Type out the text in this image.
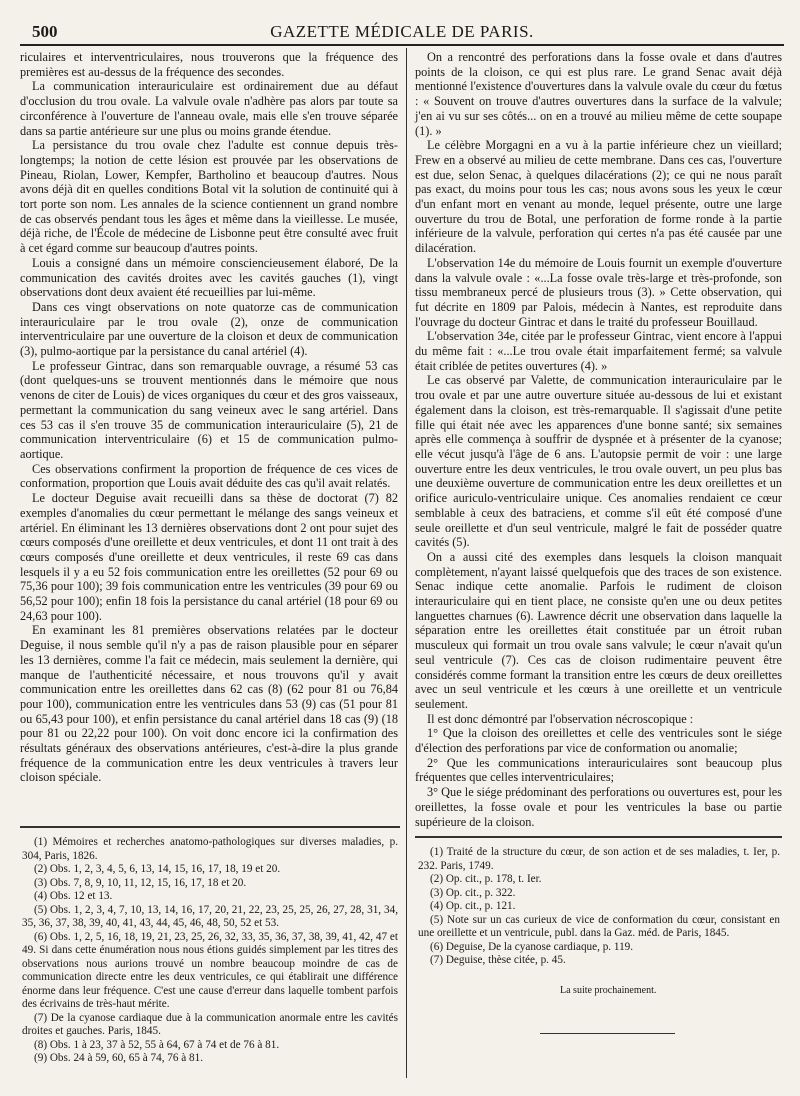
500	GAZETTE MÉDICALE DE PARIS.

riculaires et interventriculaires, nous trouverons que la fréquence des premières est au-dessus de la fréquence des secondes.

La communication interauriculaire est ordinairement due au défaut d'occlusion du trou ovale. La valvule ovale n'adhère pas alors par toute sa circonférence à l'ouverture de l'anneau ovale, mais elle s'en trouve séparée dans sa partie antérieure sur une plus ou moins grande étendue.

La persistance du trou ovale chez l'adulte est connue depuis très-longtemps; la notion de cette lésion est prouvée par les observations de Pineau, Riolan, Lower, Kempfer, Bartholino et beaucoup d'autres. Nous avons déjà dit en quelles conditions Botal vit la solution de continuité qui à tort porte son nom. Les annales de la science contiennent un grand nombre de cas observés pendant tous les âges et même dans la vieillesse. Le musée, déjà riche, de l'École de médecine de Lisbonne peut être consulté avec fruit à cet égard comme sur beaucoup d'autres points.

Louis a consigné dans un mémoire consciencieusement élaboré, De la communication des cavités droites avec les cavités gauches (1), vingt observations dont deux avaient été recueillies par lui-même.

Dans ces vingt observations on note quatorze cas de communication interauriculaire par le trou ovale (2), onze de communication interventriculaire par une ouverture de la cloison et deux de communication (3), pulmo-aortique par la persistance du canal artériel (4).

Le professeur Gintrac, dans son remarquable ouvrage, a résumé 53 cas (dont quelques-uns se trouvent mentionnés dans le mémoire que nous venons de citer de Louis) de vices organiques du cœur et des gros vaisseaux, permettant la communication du sang veineux avec le sang artériel. Dans ces 53 cas il s'en trouve 35 de communication interauriculaire (5), 21 de communication interventriculaire (6) et 15 de communication pulmo-aortique.

Ces observations confirment la proportion de fréquence de ces vices de conformation, proportion que Louis avait déduite des cas qu'il avait relatés.

Le docteur Deguise avait recueilli dans sa thèse de doctorat (7) 82 exemples d'anomalies du cœur permettant le mélange des sangs veineux et artériel. En éliminant les 13 dernières observations dont 2 ont pour sujet des cœurs composés d'une oreillette et deux ventricules, et dont 11 ont trait à des cœurs composés d'une oreillette et deux ventricules, il reste 69 cas dans lesquels il y a eu 52 fois communication entre les oreillettes (52 pour 69 ou 75,36 pour 100); 39 fois communication entre les ventricules (39 pour 69 ou 56,52 pour 100); enfin 18 fois la persistance du canal artériel (18 pour 69 ou 24,63 pour 100).

En examinant les 81 premières observations relatées par le docteur Deguise, il nous semble qu'il n'y a pas de raison plausible pour en séparer les 13 dernières, comme l'a fait ce médecin, mais seulement la dernière, qui manque de l'authenticité nécessaire, et nous trouvons qu'il y avait communication entre les oreillettes dans 62 cas (8) (62 pour 81 ou 76,84 pour 100), communication entre les ventricules dans 53 (9) cas (51 pour 81 ou 65,43 pour 100), et enfin persistance du canal artériel dans 18 cas (9) (18 pour 81 ou 22,22 pour 100). On voit donc encore ici la confirmation des résultats généraux des observations antérieures, c'est-à-dire la plus grande fréquence de la communication entre les deux ventricules à travers leur cloison spéciale.

On a rencontré des perforations dans la fosse ovale et dans d'autres points de la cloison, ce qui est plus rare. Le grand Senac avait déjà mentionné l'existence d'ouvertures dans la valvule ovale du cœur du fœtus : « Souvent on trouve d'autres ouvertures dans la surface de la valvule; j'en ai vu sur ses côtés... on en a trouvé au milieu même de cette soupape (1). »

Le célèbre Morgagni en a vu à la partie inférieure chez un vieillard; Frew en a observé au milieu de cette membrane. Dans ces cas, l'ouverture est due, selon Senac, à quelques dilacérations (2); ce qui ne nous paraît pas exact, du moins pour tous les cas; nous avons sous les yeux le cœur d'un enfant mort en venant au monde, lequel présente, outre une large ouverture du trou de Botal, une perforation de forme ronde à la partie inférieure de la valvule, perforation qui certes n'a pas été causée par une dilacération.

L'observation 14e du mémoire de Louis fournit un exemple d'ouverture dans la valvule ovale : «...La fosse ovale très-large et très-profonde, son tissu membraneux percé de plusieurs trous (3). » Cette observation, qui fut décrite en 1809 par Palois, médecin à Nantes, est reproduite dans l'ouvrage du docteur Gintrac et dans le traité du professeur Bouillaud.

L'observation 34e, citée par le professeur Gintrac, vient encore à l'appui du même fait : «...Le trou ovale était imparfaitement fermé; sa valvule était criblée de petites ouvertures (4). »

Le cas observé par Valette, de communication interauriculaire par le trou ovale et par une autre ouverture située au-dessous de lui et existant également dans la cloison, est très-remarquable. Il s'agissait d'une petite fille qui était née avec les apparences d'une bonne santé; six semaines après elle commença à souffrir de dyspnée et à présenter de la cyanose; elle vécut jusqu'à l'âge de 6 ans. L'autopsie permit de voir : une large ouverture entre les deux ventricules, le trou ovale ouvert, un peu plus bas une deuxième ouverture de communication entre les deux oreillettes et un orifice auriculo-ventriculaire unique. Ces anomalies rendaient ce cœur semblable à ceux des batraciens, et comme s'il eût été composé d'une seule oreillette et d'un seul ventricule, malgré le fait de posséder quatre cavités (5).

On a aussi cité des exemples dans lesquels la cloison manquait complètement, n'ayant laissé quelquefois que des traces de son existence. Senac indique cette anomalie. Parfois le rudiment de cloison interauriculaire qui en tient place, ne consiste qu'en une ou deux petites languettes charnues (6). Lawrence décrit une observation dans laquelle la séparation entre les oreillettes était constituée par un étroit ruban musculeux qui formait un trou ovale sans valvule; le cœur n'avait qu'un seul ventricule (7). Ces cas de cloison rudimentaire peuvent être considérés comme formant la transition entre les cœurs de deux oreillettes avec un seul ventricule et les cœurs à une oreillette et un ventricule seulement.

Il est donc démontré par l'observation nécroscopique :

1° Que la cloison des oreillettes et celle des ventricules sont le siége d'élection des perforations par vice de conformation ou anomalie;

2° Que les communications interauriculaires sont beaucoup plus fréquentes que celles interventriculaires;

3° Que le siége prédominant des perforations ou ouvertures est, pour les oreillettes, la fosse ovale et pour les ventricules la base ou partie supérieure de la cloison.

(1) Mémoires et recherches anatomo-pathologiques sur diverses maladies, p. 304, Paris, 1826.

(2) Obs. 1, 2, 3, 4, 5, 6, 13, 14, 15, 16, 17, 18, 19 et 20.

(3) Obs. 7, 8, 9, 10, 11, 12, 15, 16, 17, 18 et 20.

(4) Obs. 12 et 13.

(5) Obs. 1, 2, 3, 4, 7, 10, 13, 14, 16, 17, 20, 21, 22, 23, 25, 25, 26, 27, 28, 31, 34, 35, 36, 37, 38, 39, 40, 41, 43, 44, 45, 46, 48, 50, 52 et 53.

(6) Obs. 1, 2, 5, 16, 18, 19, 21, 23, 25, 26, 32, 33, 35, 36, 37, 38, 39, 41, 42, 47 et 49. Si dans cette énumération nous nous étions guidés simplement par les titres des observations nous aurions trouvé un nombre beaucoup moindre de cas de communication directe entre les deux ventricules, ce qui établirait une différence énorme dans leur fréquence. C'est une cause d'erreur dans laquelle tombent parfois des écrivains de très-haut mérite.

(7) De la cyanose cardiaque due à la communication anormale entre les cavités droites et gauches. Paris, 1845.

(8) Obs. 1 à 23, 37 à 52, 55 à 64, 67 à 74 et de 76 à 81.

(9) Obs. 24 à 59, 60, 65 à 74, 76 à 81.

(1) Traité de la structure du cœur, de son action et de ses maladies, t. Ier, p. 232. Paris, 1749.

(2) Op. cit., p. 178, t. Ier.

(3) Op. cit., p. 322.

(4) Op. cit., p. 121.

(5) Note sur un cas curieux de vice de conformation du cœur, consistant en une oreillette et un ventricule, publ. dans la Gaz. méd. de Paris, 1845.

(6) Deguise, De la cyanose cardiaque, p. 119.

(7) Deguise, thèse citée, p. 45.

La suite prochainement.
